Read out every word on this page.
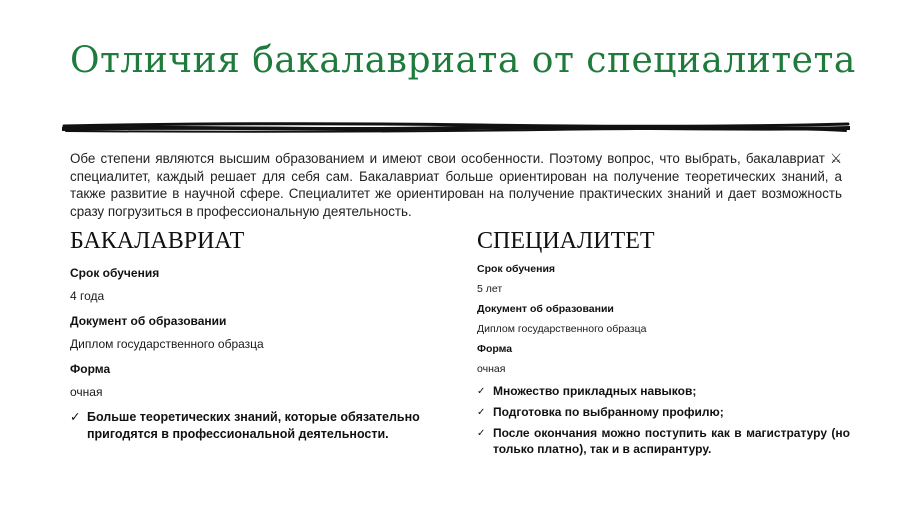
Отличия бакалавриата от специалитета

Обе степени являются высшим образованием и имеют свои особенности. Поэтому вопрос, что выбрать, бакалавриат ⚔ специалитет, каждый решает для себя сам. Бакалавриат больше ориентирован на получение теоретических знаний, а также развитие в научной сфере. Специалитет же ориентирован на получение практических знаний и дает возможность сразу погрузиться в профессиональную деятельность.

БАКАЛАВРИАТ
Срок обучения
4 года
Документ об образовании
Диплом государственного образца
Форма
очная
✓ Больше теоретических знаний, которые обязательно пригодятся в профессиональной деятельности.
СПЕЦИАЛИТЕТ
Срок обучения
5 лет
Документ об образовании
Диплом государственного образца
Форма
очная
✓ Множество прикладных навыков;
✓ Подготовка по выбранному профилю;
✓ После окончания можно поступить как в магистратуру (но только платно), так и в аспирантуру.
